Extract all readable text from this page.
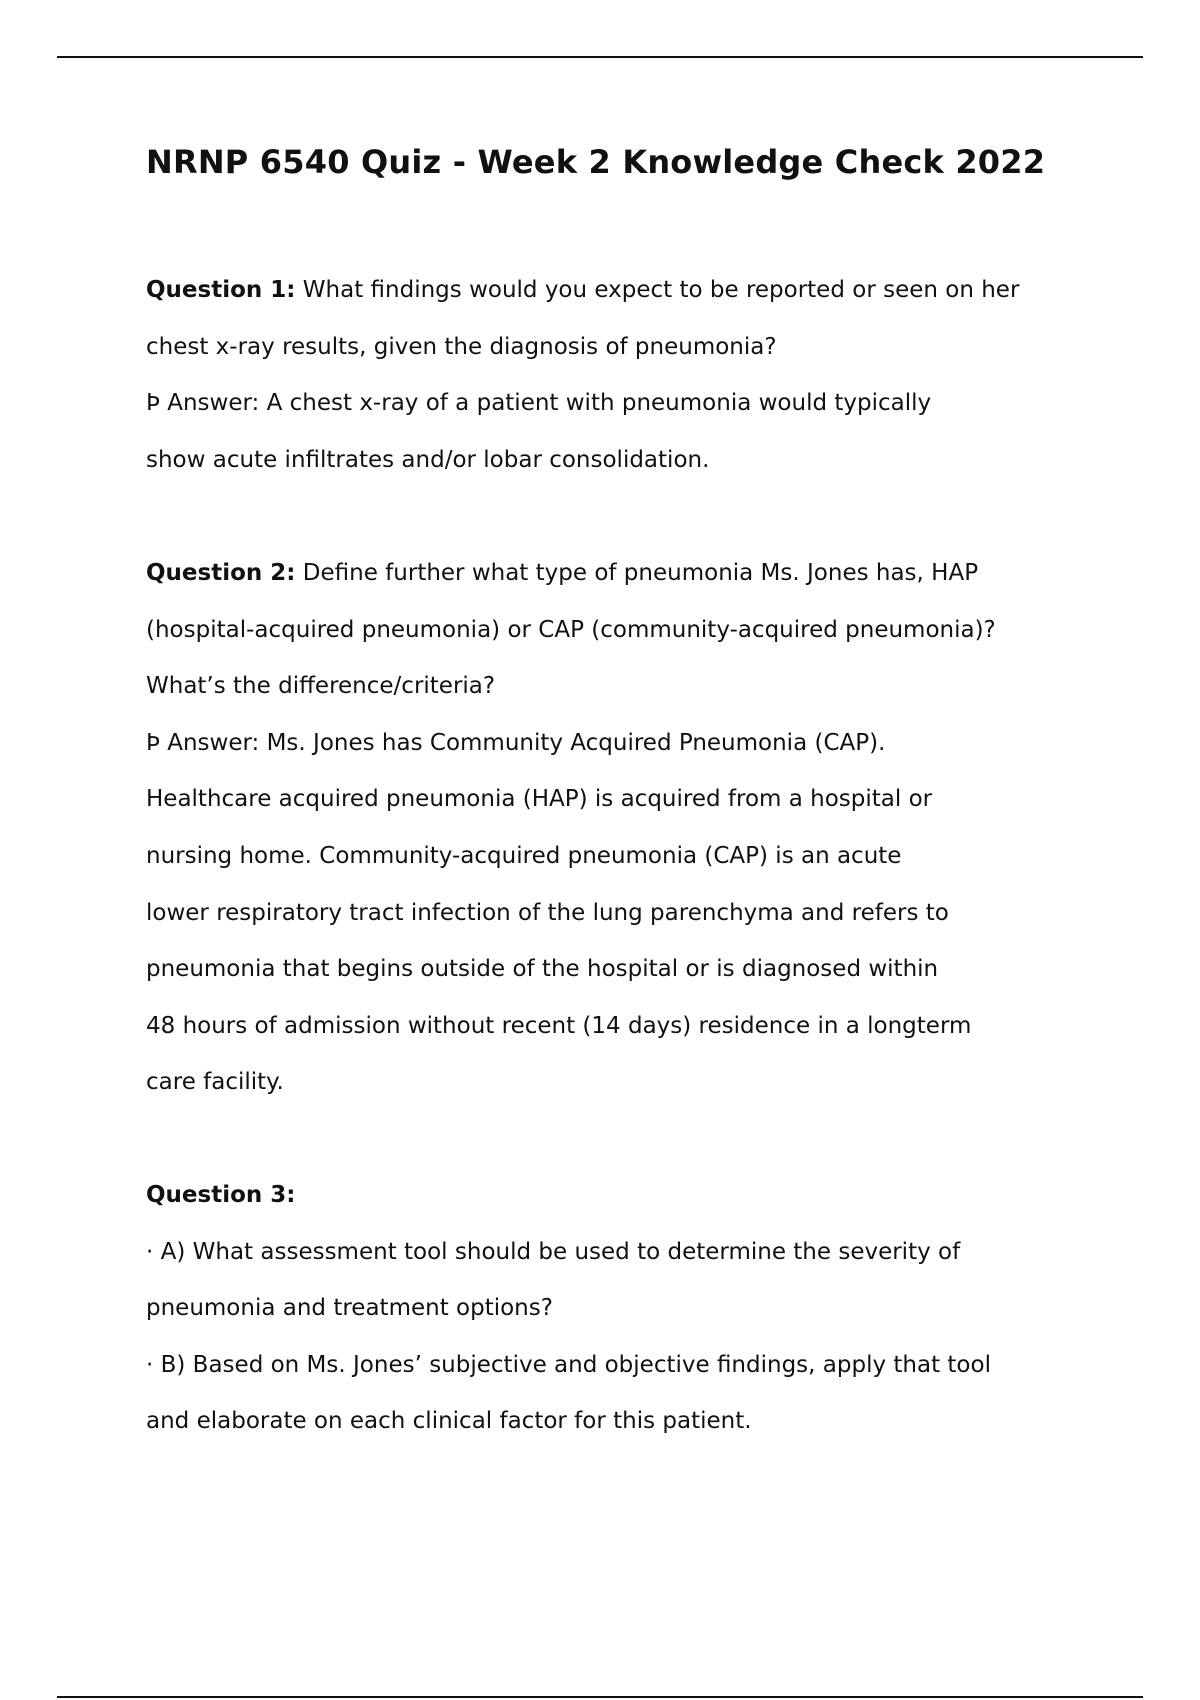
NRNP 6540 Quiz - Week 2 Knowledge Check 2022

Question 1: What findings would you expect to be reported or seen on her

chest x-ray results, given the diagnosis of pneumonia?

Þ Answer: A chest x-ray of a patient with pneumonia would typically

show acute infiltrates and/or lobar consolidation.

Question 2: Define further what type of pneumonia Ms. Jones has, HAP

(hospital-acquired pneumonia) or CAP (community-acquired pneumonia)?

What’s the difference/criteria?

Þ Answer: Ms. Jones has Community Acquired Pneumonia (CAP).

Healthcare acquired pneumonia (HAP) is acquired from a hospital or

nursing home. Community-acquired pneumonia (CAP) is an acute

lower respiratory tract infection of the lung parenchyma and refers to

pneumonia that begins outside of the hospital or is diagnosed within

48 hours of admission without recent (14 days) residence in a longterm

care facility.

Question 3:

· A) What assessment tool should be used to determine the severity of

pneumonia and treatment options?

· B) Based on Ms. Jones’ subjective and objective findings, apply that tool

and elaborate on each clinical factor for this patient.
